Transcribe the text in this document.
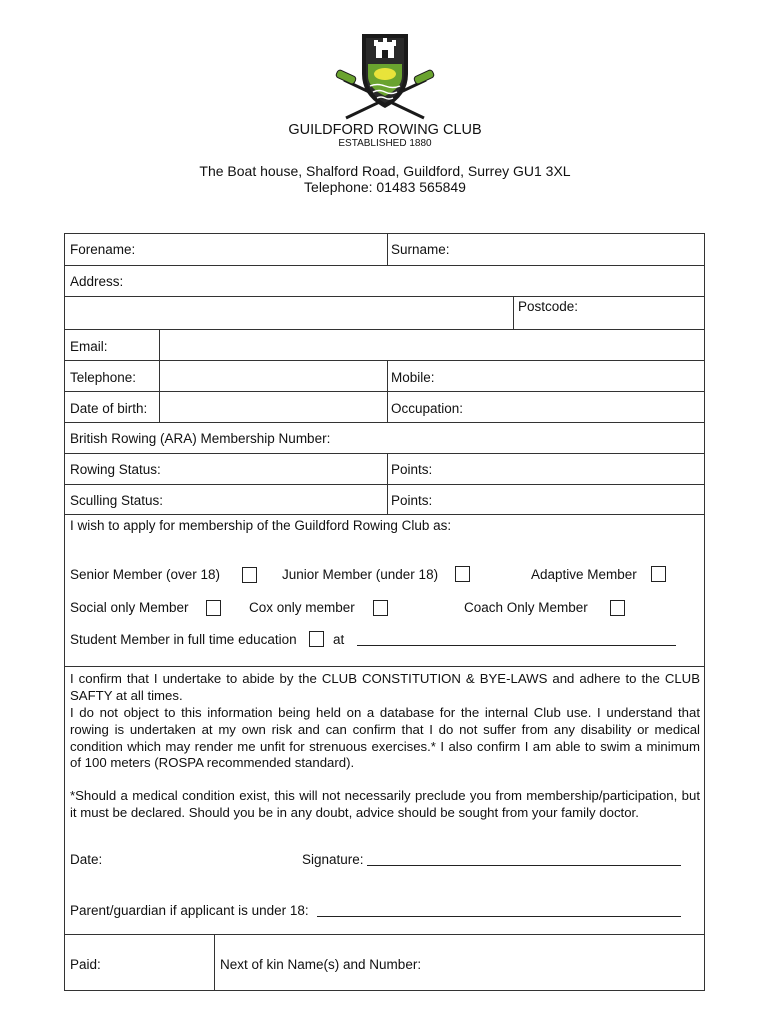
GUILDFORD ROWING CLUB
ESTABLISHED 1880
The Boat house, Shalford Road, Guildford, Surrey GU1 3XL
Telephone: 01483 565849
Forename:	Surname:
Address:
Postcode:
Email:
Telephone:	Mobile:
Date of birth:	Occupation:
British Rowing (ARA) Membership Number:
Rowing Status:	Points:
Sculling Status:	Points:
I wish to apply for membership of the Guildford Rowing Club as:
Senior Member (over 18)	Junior Member (under 18)	Adaptive Member
Social only Member	Cox only member	Coach Only Member
Student Member in full time education	at
I confirm that I undertake to abide by the CLUB CONSTITUTION & BYE-LAWS and adhere to the CLUB SAFTY at all times.
I do not object to this information being held on a database for the internal Club use. I understand that rowing is undertaken at my own risk and can confirm that I do not suffer from any disability or medical condition which may render me unfit for strenuous exercises.* I also confirm I am able to swim a minimum of 100 meters (ROSPA recommended standard).
*Should a medical condition exist, this will not necessarily preclude you from membership/participation, but it must be declared. Should you be in any doubt, advice should be sought from your family doctor.
Date:	Signature:
Parent/guardian if applicant is under 18:
Paid:	Next of kin Name(s) and Number:
